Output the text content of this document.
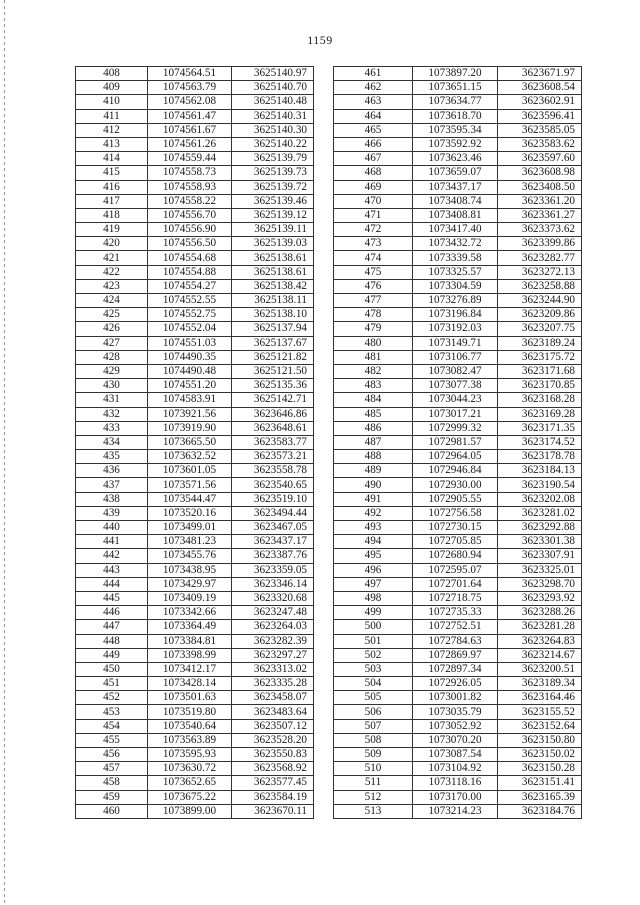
1159
408	1074564.51	3625140.97
409	1074563.79	3625140.70
410	1074562.08	3625140.48
411	1074561.47	3625140.31
412	1074561.67	3625140.30
413	1074561.26	3625140.22
414	1074559.44	3625139.79
415	1074558.73	3625139.73
416	1074558.93	3625139.72
417	1074558.22	3625139.46
418	1074556.70	3625139.12
419	1074556.90	3625139.11
420	1074556.50	3625139.03
421	1074554.68	3625138.61
422	1074554.88	3625138.61
423	1074554.27	3625138.42
424	1074552.55	3625138.11
425	1074552.75	3625138.10
426	1074552.04	3625137.94
427	1074551.03	3625137.67
428	1074490.35	3625121.82
429	1074490.48	3625121.50
430	1074551.20	3625135.36
431	1074583.91	3625142.71
432	1073921.56	3623646.86
433	1073919.90	3623648.61
434	1073665.50	3623583.77
435	1073632.52	3623573.21
436	1073601.05	3623558.78
437	1073571.56	3623540.65
438	1073544.47	3623519.10
439	1073520.16	3623494.44
440	1073499.01	3623467.05
441	1073481.23	3623437.17
442	1073455.76	3623387.76
443	1073438.95	3623359.05
444	1073429.97	3623346.14
445	1073409.19	3623320.68
446	1073342.66	3623247.48
447	1073364.49	3623264.03
448	1073384.81	3623282.39
449	1073398.99	3623297.27
450	1073412.17	3623313.02
451	1073428.14	3623335.28
452	1073501.63	3623458.07
453	1073519.80	3623483.64
454	1073540.64	3623507.12
455	1073563.89	3623528.20
456	1073595.93	3623550.83
457	1073630.72	3623568.92
458	1073652.65	3623577.45
459	1073675.22	3623584.19
460	1073899.00	3623670.11
461	1073897.20	3623671.97
462	1073651.15	3623608.54
463	1073634.77	3623602.91
464	1073618.70	3623596.41
465	1073595.34	3623585.05
466	1073592.92	3623583.62
467	1073623.46	3623597.60
468	1073659.07	3623608.98
469	1073437.17	3623408.50
470	1073408.74	3623361.20
471	1073408.81	3623361.27
472	1073417.40	3623373.62
473	1073432.72	3623399.86
474	1073339.58	3623282.77
475	1073325.57	3623272.13
476	1073304.59	3623258.88
477	1073276.89	3623244.90
478	1073196.84	3623209.86
479	1073192.03	3623207.75
480	1073149.71	3623189.24
481	1073106.77	3623175.72
482	1073082.47	3623171.68
483	1073077.38	3623170.85
484	1073044.23	3623168.28
485	1073017.21	3623169.28
486	1072999.32	3623171.35
487	1072981.57	3623174.52
488	1072964.05	3623178.78
489	1072946.84	3623184.13
490	1072930.00	3623190.54
491	1072905.55	3623202.08
492	1072756.58	3623281.02
493	1072730.15	3623292.88
494	1072705.85	3623301.38
495	1072680.94	3623307.91
496	1072595.07	3623325.01
497	1072701.64	3623298.70
498	1072718.75	3623293.92
499	1072735.33	3623288.26
500	1072752.51	3623281.28
501	1072784.63	3623264.83
502	1072869.97	3623214.67
503	1072897.34	3623200.51
504	1072926.05	3623189.34
505	1073001.82	3623164.46
506	1073035.79	3623155.52
507	1073052.92	3623152.64
508	1073070.20	3623150.80
509	1073087.54	3623150.02
510	1073104.92	3623150.28
511	1073118.16	3623151.41
512	1073170.00	3623165.39
513	1073214.23	3623184.76
